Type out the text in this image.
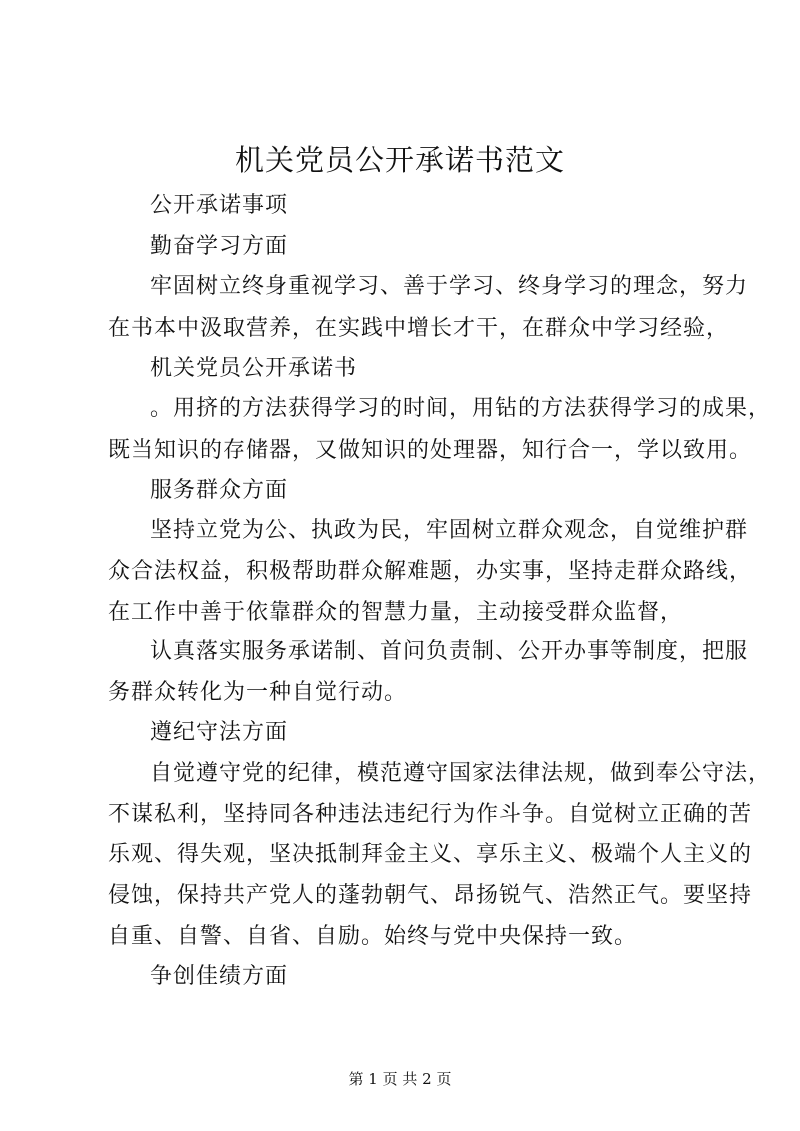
机关党员公开承诺书范文
公开承诺事项
勤奋学习方面
牢固树立终身重视学习、善于学习、终身学习的理念，努力
在书本中汲取营养，在实践中增长才干，在群众中学习经验，
机关党员公开承诺书
。用挤的方法获得学习的时间，用钻的方法获得学习的成果，
既当知识的存储器，又做知识的处理器，知行合一，学以致用。
服务群众方面
坚持立党为公、执政为民，牢固树立群众观念，自觉维护群
众合法权益，积极帮助群众解难题，办实事，坚持走群众路线，
在工作中善于依靠群众的智慧力量，主动接受群众监督，
认真落实服务承诺制、首问负责制、公开办事等制度，把服
务群众转化为一种自觉行动。
遵纪守法方面
自觉遵守党的纪律，模范遵守国家法律法规，做到奉公守法，
不谋私利，坚持同各种违法违纪行为作斗争。自觉树立正确的苦
乐观、得失观，坚决抵制拜金主义、享乐主义、极端个人主义的
侵蚀，保持共产党人的蓬勃朝气、昂扬锐气、浩然正气。要坚持
自重、自警、自省、自励。始终与党中央保持一致。
争创佳绩方面
第 1 页 共 2 页
